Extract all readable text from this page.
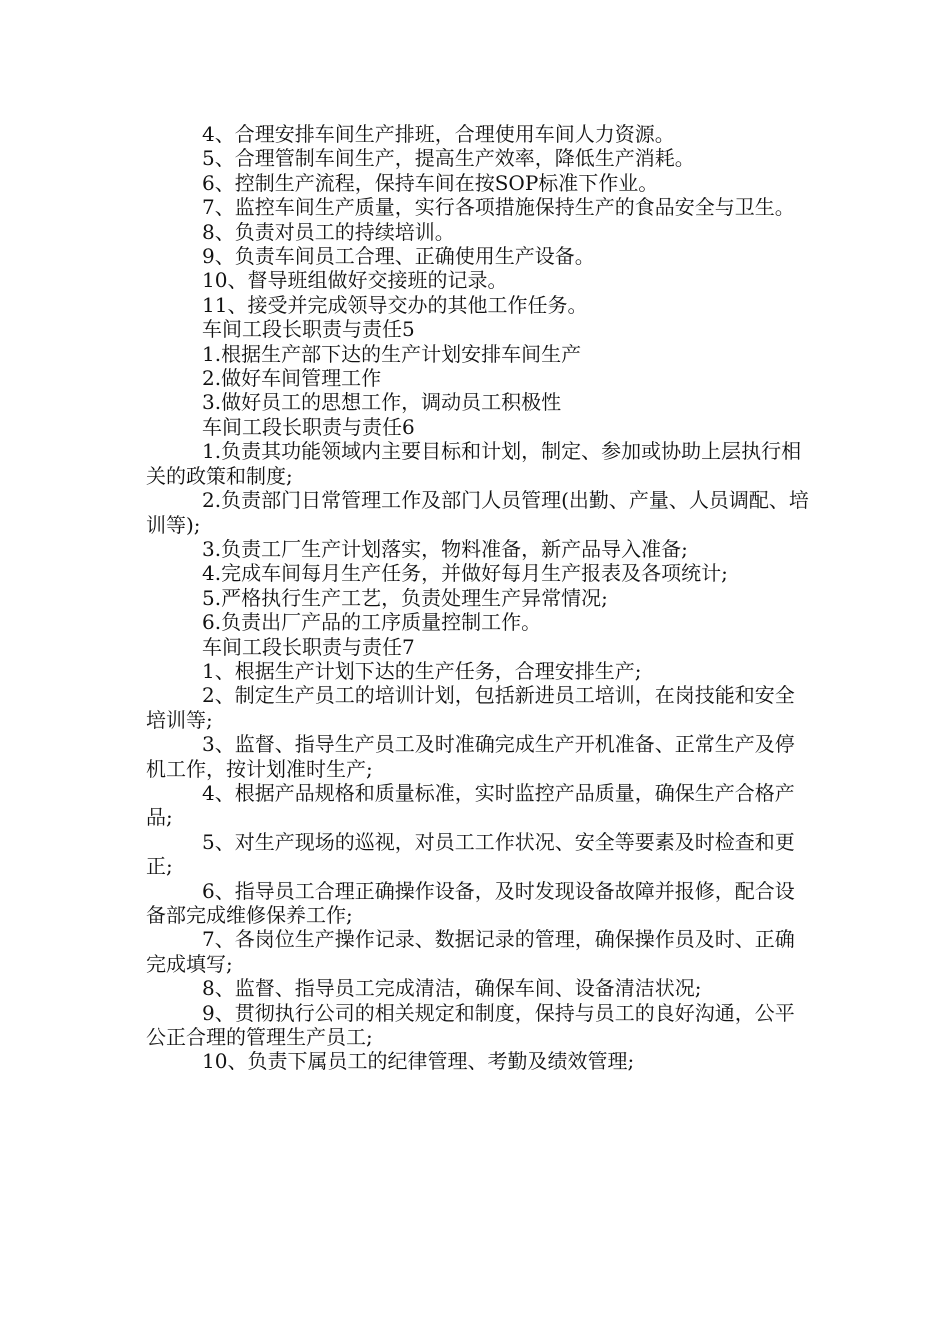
4、合理安排车间生产排班，合理使用车间人力资源。

5、合理管制车间生产，提高生产效率，降低生产消耗。

6、控制生产流程，保持车间在按SOP标准下作业。

7、监控车间生产质量，实行各项措施保持生产的食品安全与卫生。

8、负责对员工的持续培训。

9、负责车间员工合理、正确使用生产设备。

10、督导班组做好交接班的记录。

11、接受并完成领导交办的其他工作任务。

车间工段长职责与责任5

1.根据生产部下达的生产计划安排车间生产

2.做好车间管理工作

3.做好员工的思想工作，调动员工积极性

车间工段长职责与责任6

1.负责其功能领域内主要目标和计划，制定、参加或协助上层执行相关的政策和制度;

2.负责部门日常管理工作及部门人员管理(出勤、产量、人员调配、培训等);

3.负责工厂生产计划落实，物料准备，新产品导入准备;

4.完成车间每月生产任务，并做好每月生产报表及各项统计;

5.严格执行生产工艺，负责处理生产异常情况;

6.负责出厂产品的工序质量控制工作。

车间工段长职责与责任7

1、根据生产计划下达的生产任务，合理安排生产;

2、制定生产员工的培训计划，包括新进员工培训，在岗技能和安全培训等;

3、监督、指导生产员工及时准确完成生产开机准备、正常生产及停机工作，按计划准时生产;

4、根据产品规格和质量标准，实时监控产品质量，确保生产合格产品;

5、对生产现场的巡视，对员工工作状况、安全等要素及时检查和更正;

6、指导员工合理正确操作设备，及时发现设备故障并报修，配合设备部完成维修保养工作;

7、各岗位生产操作记录、数据记录的管理，确保操作员及时、正确完成填写;

8、监督、指导员工完成清洁，确保车间、设备清洁状况;

9、贯彻执行公司的相关规定和制度，保持与员工的良好沟通，公平公正合理的管理生产员工;

10、负责下属员工的纪律管理、考勤及绩效管理;
